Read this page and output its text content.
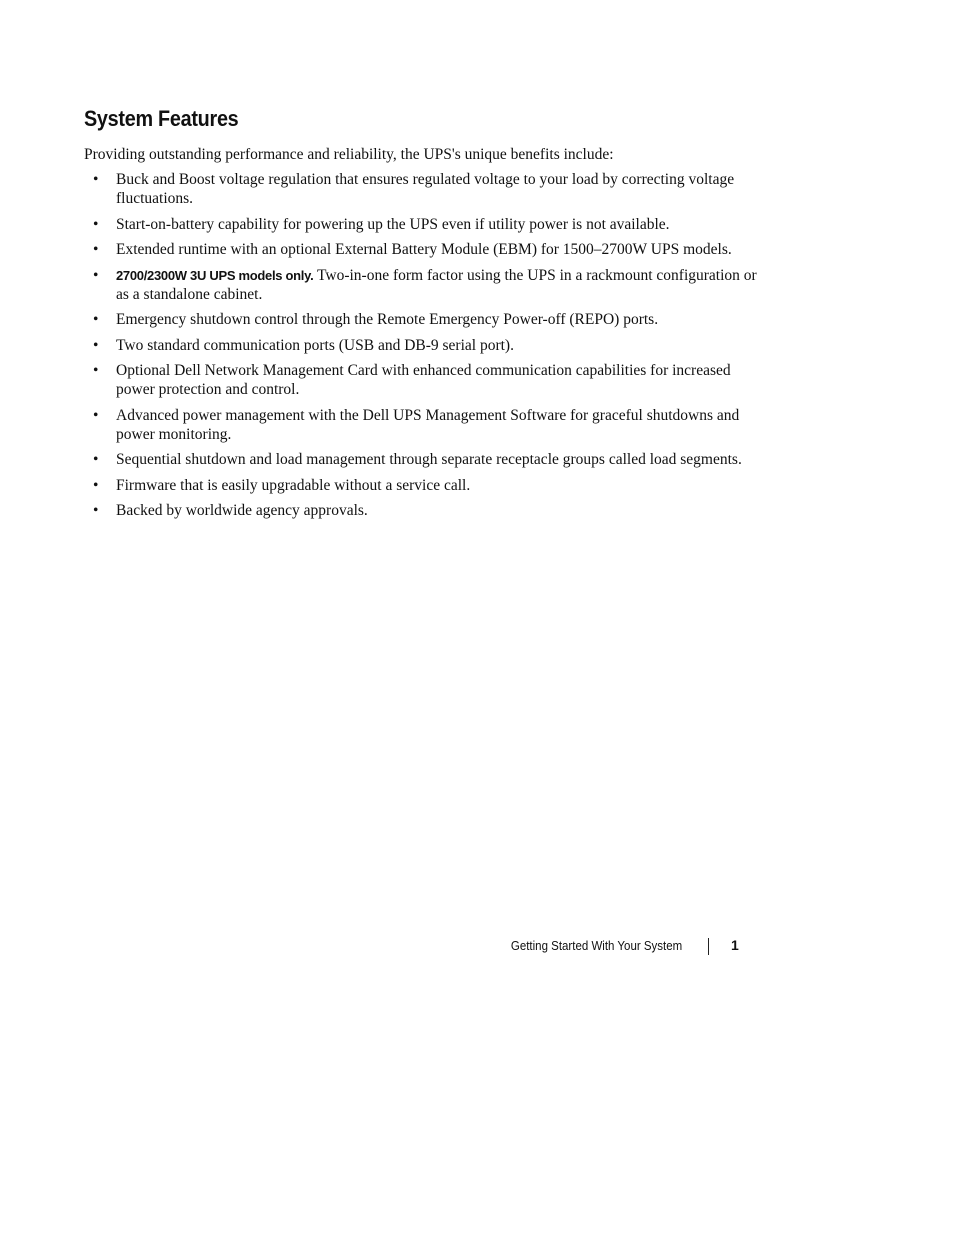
System Features

Providing outstanding performance and reliability, the UPS's unique benefits include:

• Buck and Boost voltage regulation that ensures regulated voltage to your load by correcting voltage fluctuations.
• Start-on-battery capability for powering up the UPS even if utility power is not available.
• Extended runtime with an optional External Battery Module (EBM) for 1500–2700W UPS models.
• 2700/2300W 3U UPS models only. Two-in-one form factor using the UPS in a rackmount configuration or as a standalone cabinet.
• Emergency shutdown control through the Remote Emergency Power-off (REPO) ports.
• Two standard communication ports (USB and DB-9 serial port).
• Optional Dell Network Management Card with enhanced communication capabilities for increased power protection and control.
• Advanced power management with the Dell UPS Management Software for graceful shutdowns and power monitoring.
• Sequential shutdown and load management through separate receptacle groups called load segments.
• Firmware that is easily upgradable without a service call.
• Backed by worldwide agency approvals.
Getting Started With Your System	1
